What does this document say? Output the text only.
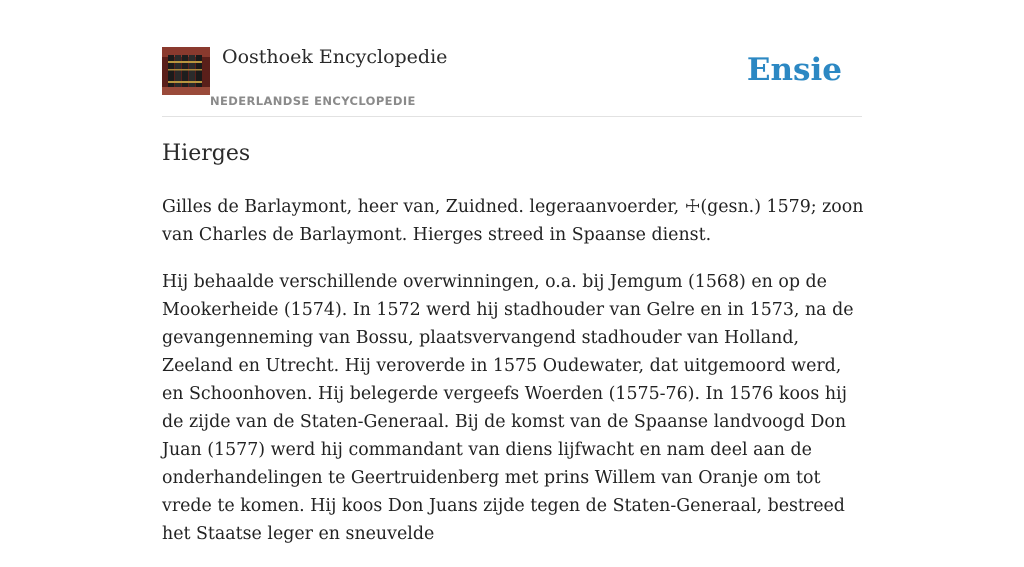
Oosthoek Encyclopedie
NEDERLANDSE ENCYCLOPEDIE
Ensie
Hierges

Gilles de Barlaymont, heer van, Zuidned. legeraanvoerder, ☩(gesn.) 1579; zoon van Charles de Barlaymont. Hierges streed in Spaanse dienst.

Hij behaalde verschillende overwinningen, o.a. bij Jemgum (1568) en op de Mookerheide (1574). In 1572 werd hij stadhouder van Gelre en in 1573, na de gevangenneming van Bossu, plaatsvervangend stadhouder van Holland, Zeeland en Utrecht. Hij veroverde in 1575 Oudewater, dat uitgemoord werd, en Schoonhoven. Hij belegerde vergeefs Woerden (1575-76). In 1576 koos hij de zijde van de Staten-Generaal. Bij de komst van de Spaanse landvoogd Don Juan (1577) werd hij commandant van diens lijfwacht en nam deel aan de onderhandelingen te Geertruidenberg met prins Willem van Oranje om tot vrede te komen. Hij koos Don Juans zijde tegen de Staten-Generaal, bestreed het Staatse leger en sneuvelde
